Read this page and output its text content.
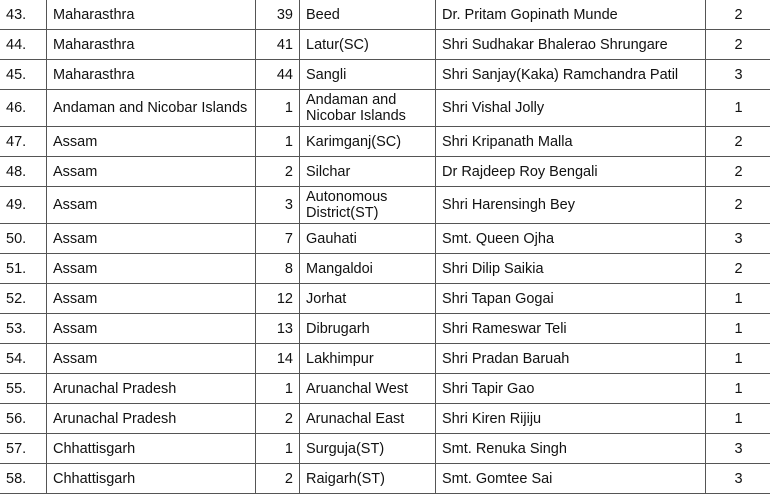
43.	Maharasthra	39	Beed	Dr. Pritam Gopinath Munde	2
44.	Maharasthra	41	Latur(SC)	Shri Sudhakar Bhalerao Shrungare	2
45.	Maharasthra	44	Sangli	Shri Sanjay(Kaka) Ramchandra Patil	3
46.	Andaman and Nicobar Islands	1	Andaman and Nicobar Islands	Shri Vishal Jolly	1
47.	Assam	1	Karimganj(SC)	Shri Kripanath Malla	2
48.	Assam	2	Silchar	Dr Rajdeep Roy Bengali	2
49.	Assam	3	Autonomous District(ST)	Shri Harensingh Bey	2
50.	Assam	7	Gauhati	Smt. Queen Ojha	3
51.	Assam	8	Mangaldoi	Shri Dilip Saikia	2
52.	Assam	12	Jorhat	Shri Tapan Gogai	1
53.	Assam	13	Dibrugarh	Shri Rameswar Teli	1
54.	Assam	14	Lakhimpur	Shri Pradan Baruah	1
55.	Arunachal Pradesh	1	Aruanchal West	Shri Tapir Gao	1
56.	Arunachal Pradesh	2	Arunachal East	Shri Kiren Rijiju	1
57.	Chhattisgarh	1	Surguja(ST)	Smt. Renuka Singh	3
58.	Chhattisgarh	2	Raigarh(ST)	Smt. Gomtee Sai	3
